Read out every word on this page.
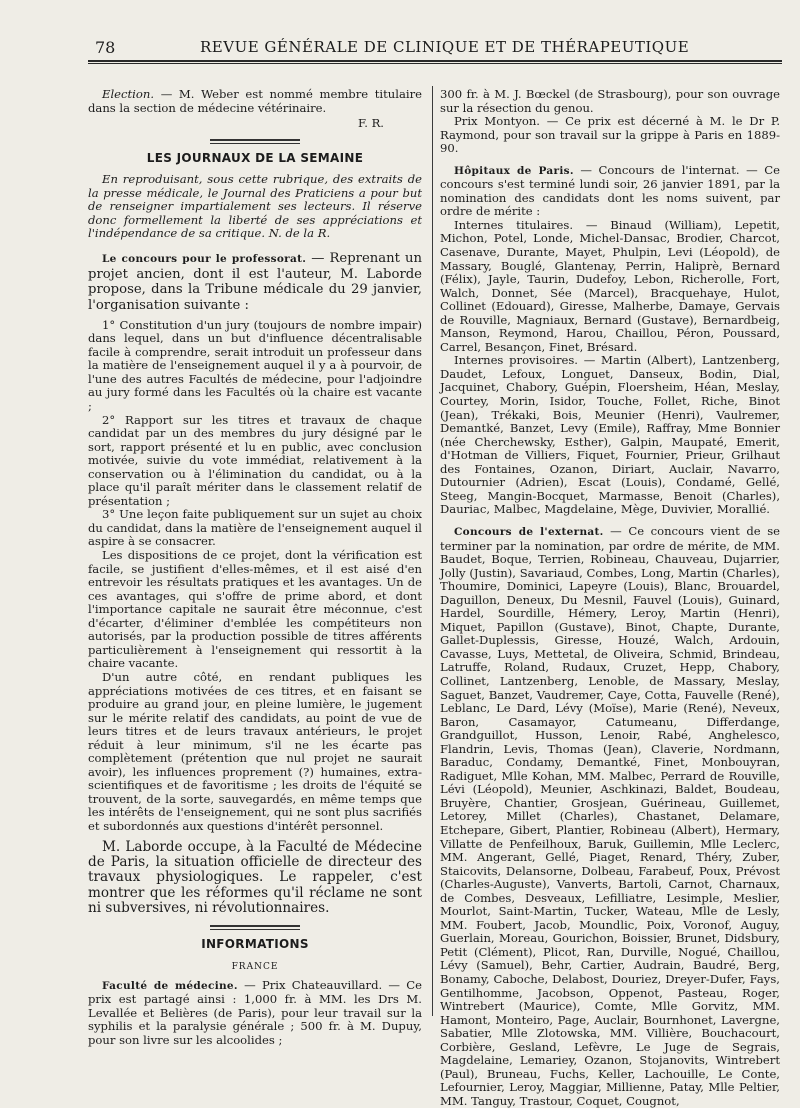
78	REVUE GÉNÉRALE DE CLINIQUE ET DE THÉRAPEUTIQUE

Election. — M. Weber est nommé membre titulaire dans la section de médecine vétérinaire.

F. R.

LES JOURNAUX DE LA SEMAINE

En reproduisant, sous cette rubrique, des extraits de la presse médicale, le Journal des Praticiens a pour but de renseigner impartialement ses lecteurs. Il réserve donc formellement la liberté de ses appréciations et l'indépendance de sa critique. N. de la R.

Le concours pour le professorat. — Reprenant un projet ancien, dont il est l'auteur, M. Laborde propose, dans la Tribune médicale du 29 janvier, l'organisation suivante :

1° Constitution d'un jury (toujours de nombre impair) dans lequel, dans un but d'influence décentralisable facile à comprendre, serait introduit un professeur dans la matière de l'enseignement auquel il y a à pourvoir, de l'une des autres Facultés de médecine, pour l'adjoindre au jury formé dans les Facultés où la chaire est vacante ;

2° Rapport sur les titres et travaux de chaque candidat par un des membres du jury désigné par le sort, rapport présenté et lu en public, avec conclusion motivée, suivie du vote immédiat, relativement à la conservation ou à l'élimination du candidat, ou à la place qu'il paraît mériter dans le classement relatif de présentation ;

3° Une leçon faite publiquement sur un sujet au choix du candidat, dans la matière de l'enseignement auquel il aspire à se consacrer.

Les dispositions de ce projet, dont la vérification est facile, se justifient d'elles-mêmes, et il est aisé d'en entrevoir les résultats pratiques et les avantages. Un de ces avantages, qui s'offre de prime abord, et dont l'importance capitale ne saurait être méconnue, c'est d'écarter, d'éliminer d'emblée les compétiteurs non autorisés, par la production possible de titres afférents particulièrement à l'enseignement qui ressortit à la chaire vacante.

D'un autre côté, en rendant publiques les appréciations motivées de ces titres, et en faisant se produire au grand jour, en pleine lumière, le jugement sur le mérite relatif des candidats, au point de vue de leurs titres et de leurs travaux antérieurs, le projet réduit à leur minimum, s'il ne les écarte pas complètement (prétention que nul projet ne saurait avoir), les influences proprement (?) humaines, extra-scientifiques et de favoritisme ; les droits de l'équité se trouvent, de la sorte, sauvegardés, en même temps que les intérêts de l'enseignement, qui ne sont plus sacrifiés et subordonnés aux questions d'intérêt personnel.

M. Laborde occupe, à la Faculté de Médecine de Paris, la situation officielle de directeur des travaux physiologiques. Le rappeler, c'est montrer que les réformes qu'il réclame ne sont ni subversives, ni révolutionnaires.

INFORMATIONS
FRANCE

Faculté de médecine. — Prix Chateauvillard. — Ce prix est partagé ainsi : 1,000 fr. à MM. les Drs M. Levallée et Belières (de Paris), pour leur travail sur la syphilis et la paralysie générale ; 500 fr. à M. Dupuy, pour son livre sur les alcoolides ;

300 fr. à M. J. Bœckel (de Strasbourg), pour son ouvrage sur la résection du genou.

Prix Montyon. — Ce prix est décerné à M. le Dr P. Raymond, pour son travail sur la grippe à Paris en 1889-90.

Hôpitaux de Paris. — Concours de l'internat. — Ce concours s'est terminé lundi soir, 26 janvier 1891, par la nomination des candidats dont les noms suivent, par ordre de mérite :

Internes titulaires. — Binaud (William), Lepetit, Michon, Potel, Londe, Michel-Dansac, Brodier, Charcot, Casenave, Durante, Mayet, Phulpin, Levi (Léopold), de Massary, Bouglé, Glantenay, Perrin, Haliprè, Bernard (Félix), Jayle, Taurin, Dudefoy, Lebon, Richerolle, Fort, Walch, Donnet, Sée (Marcel), Bracquehaye, Hulot, Collinet (Edouard), Giresse, Malherbe, Damaye, Gervais de Rouville, Magniaux, Bernard (Gustave), Bernardbeig, Manson, Reymond, Harou, Chaillou, Péron, Poussard, Carrel, Besançon, Finet, Brésard.

Internes provisoires. — Martin (Albert), Lantzenberg, Daudet, Lefoux, Longuet, Danseux, Bodin, Dial, Jacquinet, Chabory, Guépin, Floersheim, Héan, Meslay, Courtey, Morin, Isidor, Touche, Follet, Riche, Binot (Jean), Trékaki, Bois, Meunier (Henri), Vaulremer, Demantké, Banzet, Levy (Emile), Raffray, Mme Bonnier (née Cherchewsky, Esther), Galpin, Maupaté, Emerit, d'Hotman de Villiers, Fiquet, Fournier, Prieur, Grilhaut des Fontaines, Ozanon, Diriart, Auclair, Navarro, Dutournier (Adrien), Escat (Louis), Condamé, Gellé, Steeg, Mangin-Bocquet, Marmasse, Benoit (Charles), Dauriac, Malbec, Magdelaine, Mège, Duvivier, Morallié.

Concours de l'externat. — Ce concours vient de se terminer par la nomination, par ordre de mérite, de MM. Baudet, Boque, Terrien, Robineau, Chauveau, Dujarrier, Jolly (Justin), Savariaud, Combes, Long, Martin (Charles), Thoumire, Dominici, Lapeyre (Louis), Blanc, Brouardel, Daguillon, Deneux, Du Mesnil, Fauvel (Louis), Guinard, Hardel, Sourdille, Hémery, Leroy, Martin (Henri), Miquet, Papillon (Gustave), Binot, Chapte, Durante, Gallet-Duplessis, Giresse, Houzé, Walch, Ardouin, Cavasse, Luys, Mettetal, de Oliveira, Schmid, Brindeau, Latruffe, Roland, Rudaux, Cruzet, Hepp, Chabory, Collinet, Lantzenberg, Lenoble, de Massary, Meslay, Saguet, Banzet, Vaudremer, Caye, Cotta, Fauvelle (René), Leblanc, Le Dard, Lévy (Moïse), Marie (René), Neveux, Baron, Casamayor, Catumeanu, Differdange, Grandguillot, Husson, Lenoir, Rabé, Anghelesco, Flandrin, Levis, Thomas (Jean), Claverie, Nordmann, Baraduc, Condamy, Demantké, Finet, Monbouyran, Radiguet, Mlle Kohan, MM. Malbec, Perrard de Rouville, Lévi (Léopold), Meunier, Aschkinazi, Baldet, Boudeau, Bruyère, Chantier, Grosjean, Guérineau, Guillemet, Letorey, Millet (Charles), Chastanet, Delamare, Etchepare, Gibert, Plantier, Robineau (Albert), Hermary, Villatte de Penfeilhoux, Baruk, Guillemin, Mlle Leclerc, MM. Angerant, Gellé, Piaget, Renard, Théry, Zuber, Staicovits, Delansorne, Dolbeau, Farabeuf, Poux, Prévost (Charles-Auguste), Vanverts, Bartoli, Carnot, Charnaux, de Combes, Desveaux, Lefilliatre, Lesimple, Meslier, Mourlot, Saint-Martin, Tucker, Wateau, Mlle de Lesly, MM. Foubert, Jacob, Moundlic, Poix, Voronof, Auguy, Guerlain, Moreau, Gourichon, Boissier, Brunet, Didsbury, Petit (Clément), Plicot, Ran, Durville, Nogué, Chaillou, Lévy (Samuel), Behr, Cartier, Audrain, Baudré, Berg, Bonamy, Caboche, Delabost, Douriez, Dreyer-Dufer, Fays, Gentilhomme, Jacobson, Oppenot, Pasteau, Roger, Wintrebert (Maurice), Comte, Mlle Gorvitz, MM. Hamont, Monteiro, Page, Auclair, Bournhonet, Lavergne, Sabatier, Mlle Zlotowska, MM. Villière, Bouchacourt, Corbière, Gesland, Lefèvre, Le Juge de Segrais, Magdelaine, Lemariey, Ozanon, Stojanovits, Wintrebert (Paul), Bruneau, Fuchs, Keller, Lachouille, Le Conte, Lefournier, Leroy, Maggiar, Millienne, Patay, Mlle Peltier, MM. Tanguy, Trastour, Coquet, Cougnot,
